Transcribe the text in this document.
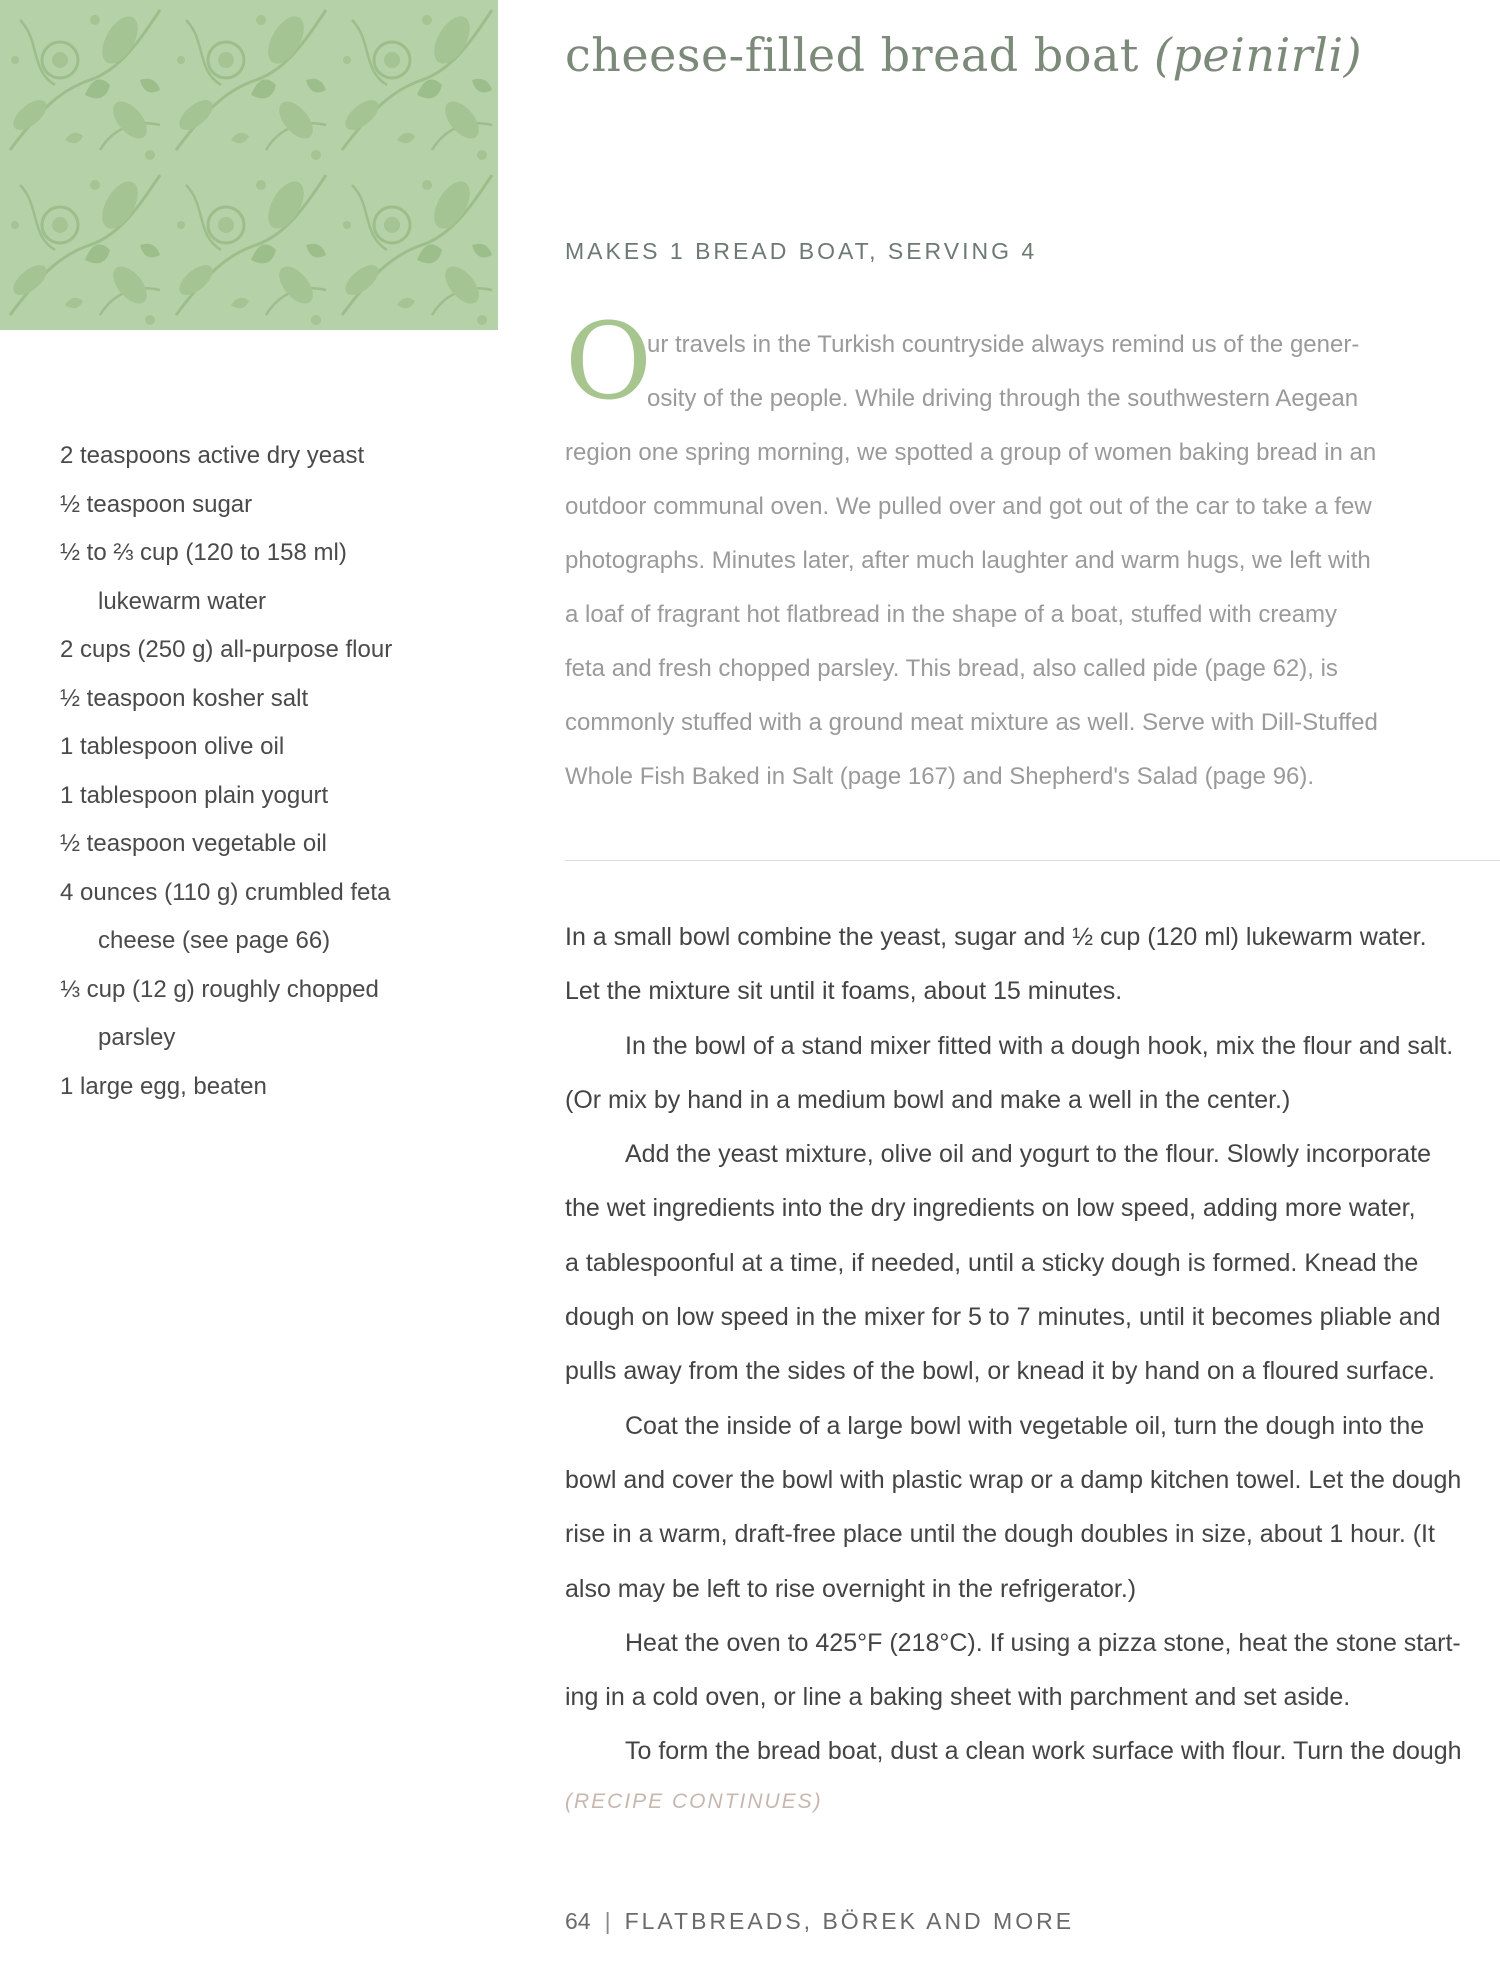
cheese-filled bread boat (peinirli)
MAKES 1 BREAD BOAT, SERVING 4
O
ur travels in the Turkish countryside always remind us of the gener-
osity of the people. While driving through the southwestern Aegean
region one spring morning, we spotted a group of women baking bread in an
outdoor communal oven. We pulled over and got out of the car to take a few
photographs. Minutes later, after much laughter and warm hugs, we left with
a loaf of fragrant hot flatbread in the shape of a boat, stuffed with creamy
feta and fresh chopped parsley. This bread, also called pide (page 62), is
commonly stuffed with a ground meat mixture as well. Serve with Dill-Stuffed
Whole Fish Baked in Salt (page 167) and Shepherd's Salad (page 96).
2 teaspoons active dry yeast
½ teaspoon sugar
½ to ⅔ cup (120 to 158 ml)
lukewarm water
2 cups (250 g) all-purpose flour
½ teaspoon kosher salt
1 tablespoon olive oil
1 tablespoon plain yogurt
½ teaspoon vegetable oil
4 ounces (110 g) crumbled feta
cheese (see page 66)
⅓ cup (12 g) roughly chopped
parsley
1 large egg, beaten
In a small bowl combine the yeast, sugar and ½ cup (120 ml) lukewarm water.
Let the mixture sit until it foams, about 15 minutes.
In the bowl of a stand mixer fitted with a dough hook, mix the flour and salt.
(Or mix by hand in a medium bowl and make a well in the center.)
Add the yeast mixture, olive oil and yogurt to the flour. Slowly incorporate
the wet ingredients into the dry ingredients on low speed, adding more water,
a tablespoonful at a time, if needed, until a sticky dough is formed. Knead the
dough on low speed in the mixer for 5 to 7 minutes, until it becomes pliable and
pulls away from the sides of the bowl, or knead it by hand on a floured surface.
Coat the inside of a large bowl with vegetable oil, turn the dough into the
bowl and cover the bowl with plastic wrap or a damp kitchen towel. Let the dough
rise in a warm, draft-free place until the dough doubles in size, about 1 hour. (It
also may be left to rise overnight in the refrigerator.)
Heat the oven to 425°F (218°C). If using a pizza stone, heat the stone start-
ing in a cold oven, or line a baking sheet with parchment and set aside.
To form the bread boat, dust a clean work surface with flour. Turn the dough
(RECIPE CONTINUES)
64 | FLATBREADS, BÖREK AND MORE
